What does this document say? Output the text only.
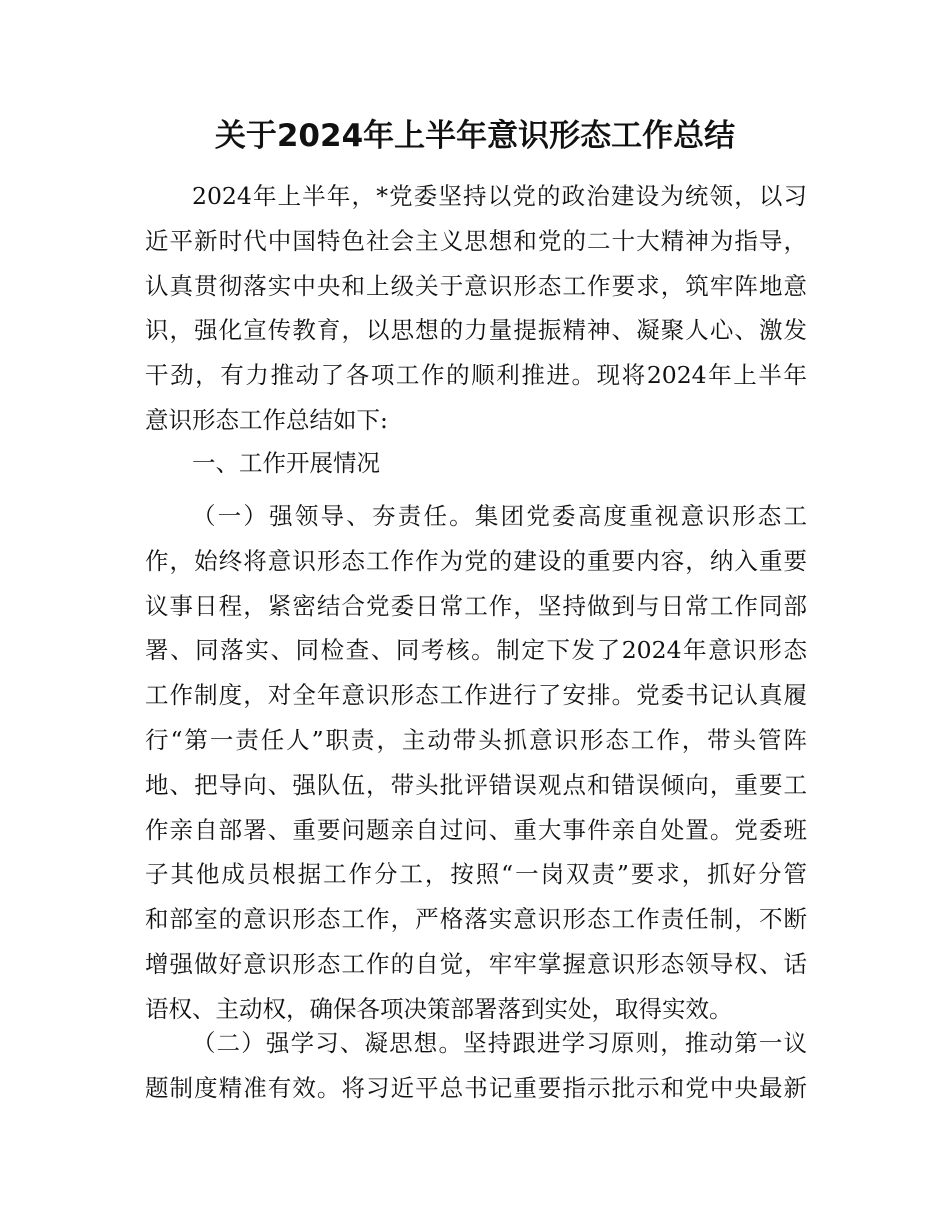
关于2024年上半年意识形态工作总结
2024年上半年，*党委坚持以党的政治建设为统领，以习
近平新时代中国特色社会主义思想和党的二十大精神为指导，
认真贯彻落实中央和上级关于意识形态工作要求，筑牢阵地意
识，强化宣传教育，以思想的力量提振精神、凝聚人心、激发
干劲，有力推动了各项工作的顺利推进。现将2024年上半年
意识形态工作总结如下:

一、工作开展情况

（一）强领导、夯责任。集团党委高度重视意识形态工
作，始终将意识形态工作作为党的建设的重要内容，纳入重要
议事日程，紧密结合党委日常工作，坚持做到与日常工作同部
署、同落实、同检查、同考核。制定下发了2024年意识形态
工作制度，对全年意识形态工作进行了安排。党委书记认真履
行“第一责任人”职责，主动带头抓意识形态工作，带头管阵
地、把导向、强队伍，带头批评错误观点和错误倾向，重要工
作亲自部署、重要问题亲自过问、重大事件亲自处置。党委班
子其他成员根据工作分工，按照“一岗双责”要求，抓好分管
和部室的意识形态工作，严格落实意识形态工作责任制，不断
增强做好意识形态工作的自觉，牢牢掌握意识形态领导权、话
语权、主动权，确保各项决策部署落到实处，取得实效。
（二）强学习、凝思想。坚持跟进学习原则，推动第一议
题制度精准有效。将习近平总书记重要指示批示和党中央最新
